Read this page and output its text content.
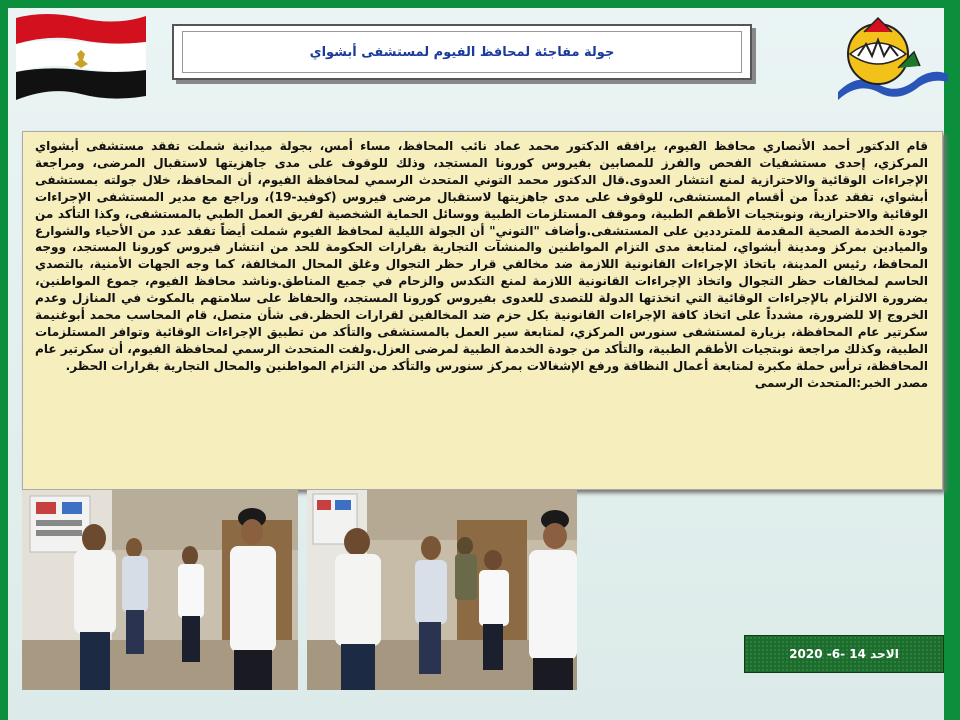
جولة مفاجئة لمحافظ الفيوم لمستشفى أبشواي
قام الدكتور أحمد الأنصاري محافظ الفيوم، يرافقه الدكتور محمد عماد نائب المحافظ، مساء أمس، بجولة ميدانية شملت تفقد مستشفى أبشواي المركزي، إحدى مستشفيات الفحص والفرز للمصابين بفيروس كورونا المستجد، وذلك للوقوف على مدى جاهزيتها لاستقبال المرضى، ومراجعة الإجراءات الوقائية والاحترازية لمنع انتشار العدوى.قال الدكتور محمد التوني المتحدث الرسمي لمحافظة الفيوم، أن المحافظ، خلال جولته بمستشفى أبشواي، تفقد عدداً من أقسام المستشفى، للوقوف على مدى جاهزيتها لاستقبال مرضى فيروس (كوفيد-19)، وراجع مع مدير المستشفى الإجراءات الوقائية والاحترازية، ونوبتجيات الأطقم الطبية، وموقف المستلزمات الطبية ووسائل الحماية الشخصية لفريق العمل الطبي بالمستشفى، وكذا التأكد من جودة الخدمة الصحية المقدمة للمترددين على المستشفى.وأضاف "التوني" أن الجولة الليلية لمحافظ الفيوم شملت أيضاً تفقد عدد من الأحياء والشوارع والميادين بمركز ومدينة أبشواي، لمتابعة مدى التزام المواطنين والمنشآت التجارية بقرارات الحكومة للحد من انتشار فيروس كورونا المستجد، ووجه المحافظ، رئيس المدينة، باتخاذ الإجراءات القانونية اللازمة ضد مخالفي قرار حظر التجوال وغلق المحال المخالفة، كما وجه الجهات الأمنية، بالتصدي الحاسم لمخالفات حظر التجوال واتخاذ الإجراءات القانونية اللازمة لمنع التكدس والزحام في جميع المناطق.وناشد محافظ الفيوم، جموع المواطنين، بضرورة الالتزام بالإجراءات الوقائية التي اتخذتها الدولة للتصدى للعدوى بفيروس كورونا المستجد، والحفاظ على سلامتهم بالمكوث في المنازل وعدم الخروج إلا للضرورة، مشدداً على اتخاذ كافة الإجراءات القانونية بكل حزم ضد المخالفين لقرارات الحظر.فى شأن متصل، قام المحاسب محمد أبوغنيمة سكرتير عام المحافظة، بزيارة لمستشفى سنورس المركزي، لمتابعة سير العمل بالمستشفى والتأكد من تطبيق الإجراءات الوقائية وتوافر المستلزمات الطبية، وكذلك مراجعة نوبتجيات الأطقم الطبية، والتأكد من جودة الخدمة الطبية لمرضى العزل.ولفت المتحدث الرسمي لمحافظة الفيوم، أن سكرتير عام المحافظة، ترأس حملة مكبرة لمتابعة أعمال النظافة ورفع الإشغالات بمركز سنورس والتأكد من التزام المواطنين والمحال التجارية بقرارات الحظر.
مصدر الخبر:المتحدث الرسمى
الاحد 14 -6- 2020
